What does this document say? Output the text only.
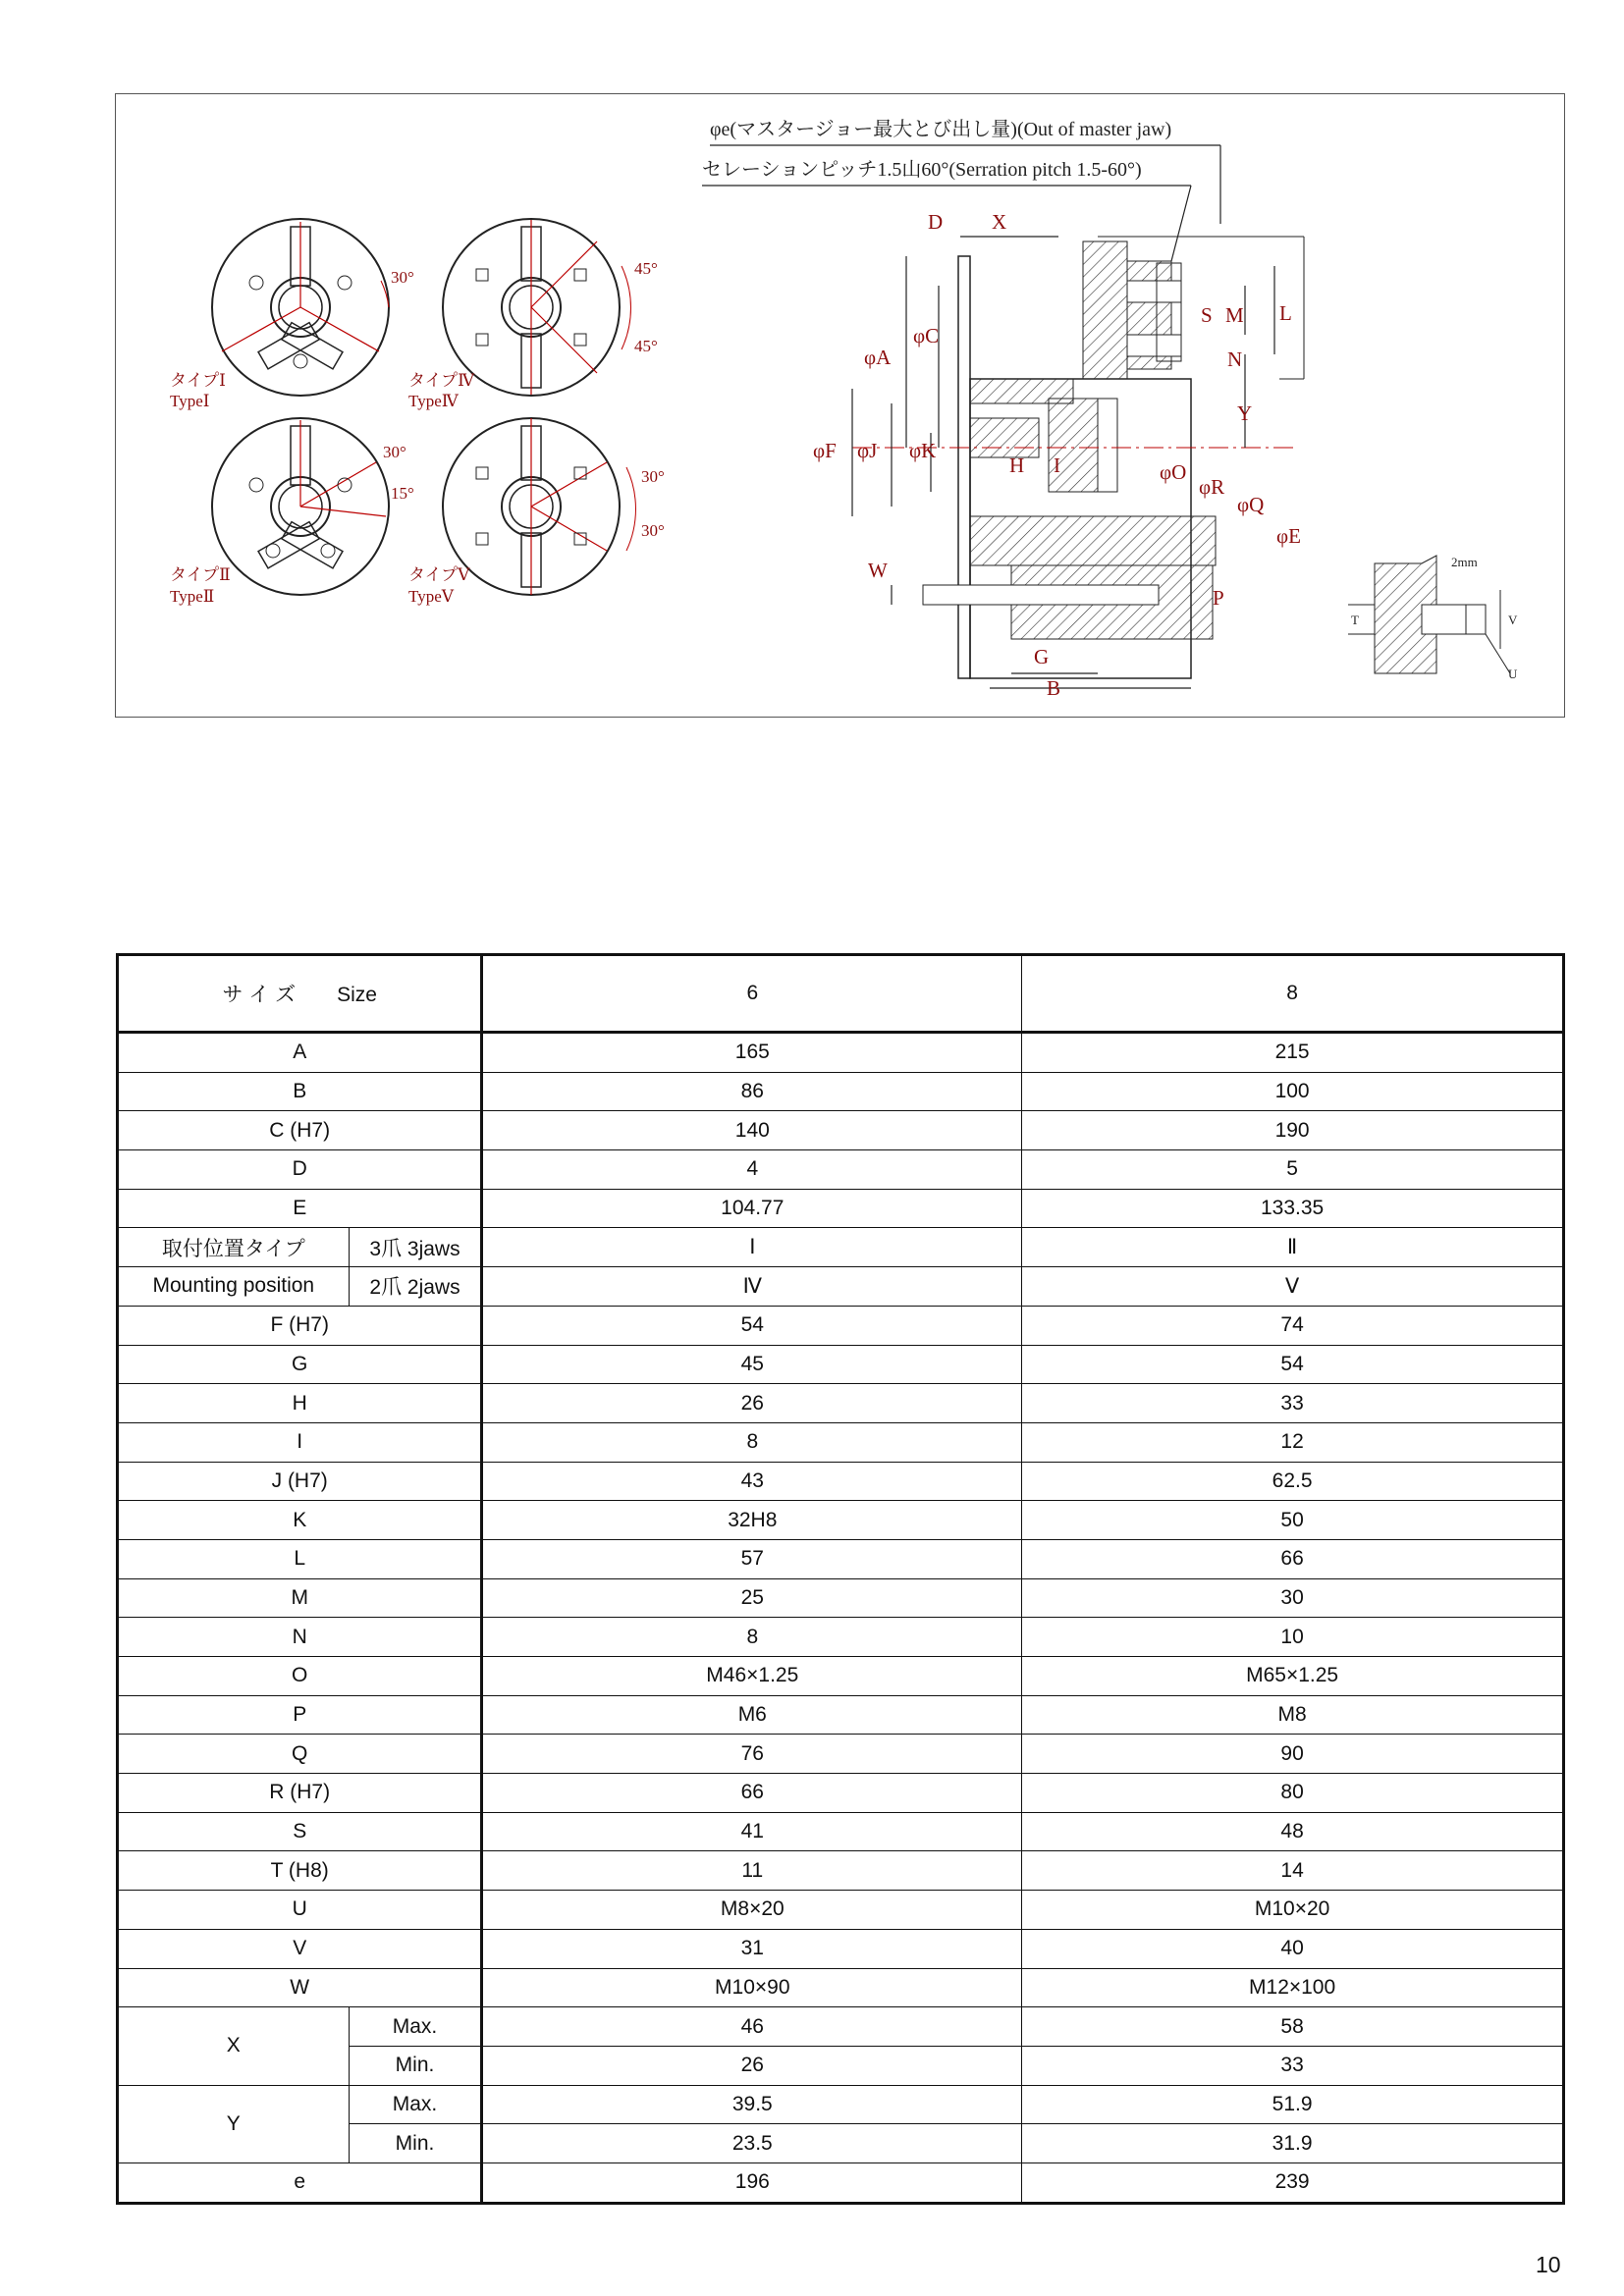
30°
タイプⅠ
TypeⅠ
45°
45°
タイプⅣ
TypeⅣ
30°
15°
タイプⅡ
TypeⅡ
30°
30°
タイプⅤ
TypeⅤ
φe(マスタージョー最大とび出し量)(Out of master jaw)
セレーションピッチ1.5山60°(Serration pitch 1.5-60°)
D X
φA
φC
S M L
N
Y
φF φJ φK
H I	φO
φR
φQ
φE
W
P
G
B
2mm
T	V
U
サ イ ズ　　Size		6	8
A		165	215
B		86	100
C (H7)		140	190
D		4	5
E		104.77	133.35
取付位置タイプ	3爪 3jaws	Ⅰ	Ⅱ
Mounting position	2爪 2jaws	Ⅳ	Ⅴ
F (H7)		54	74
G		45	54
H		26	33
I		8	12
J (H7)		43	62.5
K		32H8	50
L		57	66
M		25	30
N		8	10
O		M46×1.25	M65×1.25
P		M6	M8
Q		76	90
R (H7)		66	80
S		41	48
T (H8)		11	14
U		M8×20	M10×20
V		31	40
W		M10×90	M12×100
X	Max.	46	58
	Min.	26	33
Y	Max.	39.5	51.9
	Min.	23.5	31.9
e		196	239
10
